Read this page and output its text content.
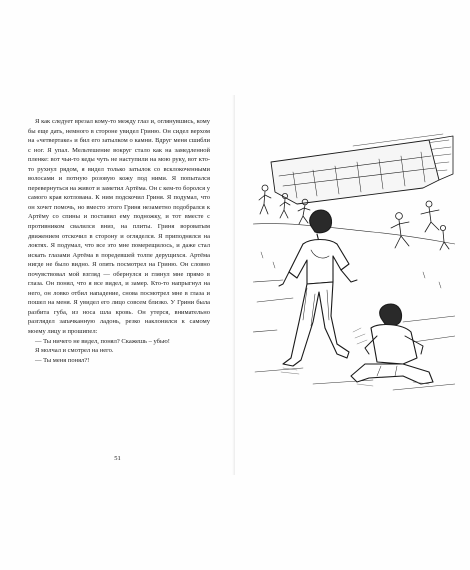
Я как следует врезал кому-то между глаз и, оглянувшись, кому бы еще дать, немного в стороне увидел Гриню. Он сидел верхом на «четвертаке» и бил его затылком о камни. Вдруг меня сшибли с ног. Я упал. Мельтешение вокруг стало как на замедленной пленке: вот чьи-то кеды чуть не наступили на мою руку, вот кто-то рухнул рядом, я видел только затылок со всклокоченными волосами и потную розовую кожу под ними. Я попытался перевернуться на живот и заметил Артёма. Он с кем-то боролся у самого края котлована. К ним подскочил Гриня. Я подумал, что он хочет помочь, но вместо этого Гриня незаметно подобрался к Артёму со спины и поставил ему подножку, и тот вместе с противником свалился вниз, на плиты. Гриня вороватым движением отскочил в сторону и огляделся. Я приподнялся на локтях. Я подумал, что все это мне померещилось, и даже стал искать глазами Артёма в поредевшей толпе дерущихся. Артёма нигде не было видно. Я опять посмотрел на Гриню. Он словно почувствовал мой взгляд — обернулся и глянул мне прямо в глаза. Он понял, что я все видел, и замер. Кто-то напрыгнул на него, он ловко отбил нападение, снова посмотрел мне в глаза и пошел на меня. Я увидел его лицо совсем близко. У Грини была разбита губа, из носа шла кровь. Он утерся, внимательно разглядел запачканную ладонь, резко наклонился к самому моему лицу и прошипел:

— Ты ничего не видел, понял? Скажешь – убью!

Я молчал и смотрел на него.

— Ты меня понял?!

51
